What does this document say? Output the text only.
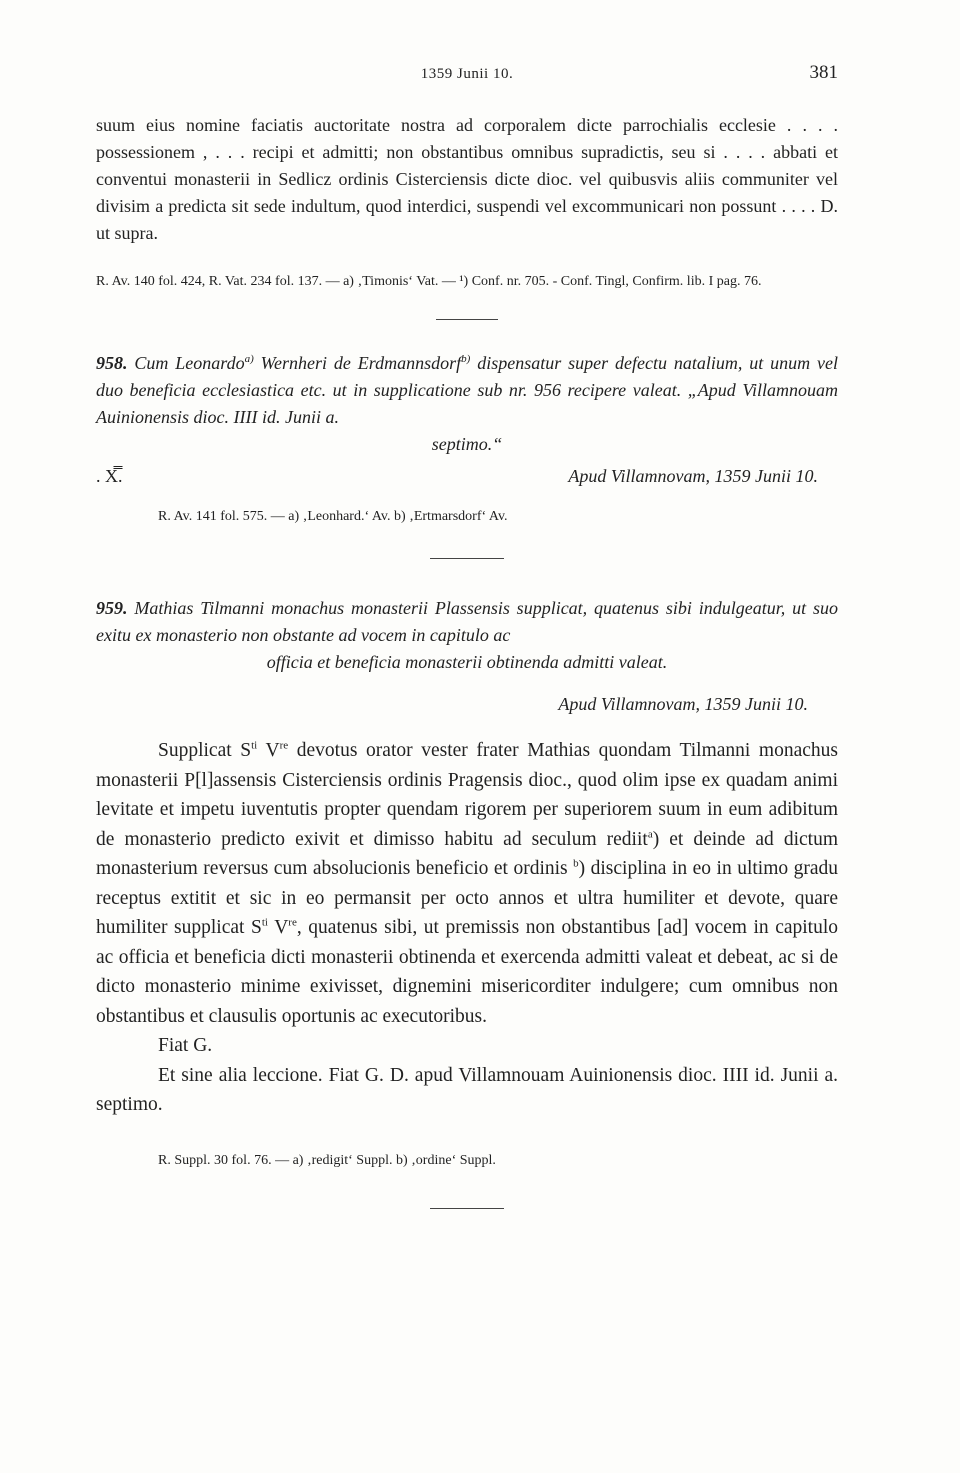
1359 Junii 10.	381

suum eius nomine faciatis auctoritate nostra ad corporalem dicte parrochialis ecclesie . . . . possessionem , . . . recipi et admitti; non obstantibus omnibus supradictis, seu si . . . . abbati et conventui monasterii in Sedlicz ordinis Cisterciensis dicte dioc. vel quibusvis aliis communiter vel divisim a predicta sit sede indultum, quod interdici, suspendi vel excommunicari non possunt . . . . D. ut supra.

R. Av. 140 fol. 424, R. Vat. 234 fol. 137. — a) ‚Timonis‘ Vat. — ¹) Conf. nr. 705. - Conf. Tingl, Confirm. lib. I pag. 76.

958. Cum Leonardo$^{a)}$ Wernheri de Erdmannsdorf$^{b)}$ dispensatur super defectu natalium, ut unum vel duo beneficia ecclesiastica etc. ut in supplicatione sub nr. 956 recipere valeat. „Apud Villamnouam Auinionensis dioc. IIII id. Junii a.

septimo.“

. X̿.	Apud Villamnovam, 1359 Junii 10.

R. Av. 141 fol. 575. — a) ‚Leonhard.‘ Av. b) ‚Ertmarsdorf‘ Av.

959. Mathias Tilmanni monachus monasterii Plassensis supplicat, quatenus sibi indulgeatur, ut suo exitu ex monasterio non obstante ad vocem in capitulo ac

officia et beneficia monasterii obtinenda admitti valeat.

Apud Villamnovam, 1359 Junii 10.

Supplicat $S^{ti}$ Vre devotus orator vester frater Mathias quondam Tilmanni monachus monasterii P[l]assensis Cisterciensis ordinis Pragensis dioc., quod olim ipse ex quadam animi levitate et impetu iuventutis propter quendam rigorem per superiorem suum in eum adibitum de monasterio predicto exivit et dimisso habitu ad seculum rediit$^a$) et deinde ad dictum monasterium reversus cum absolucionis beneficio et ordinis $^b$) disciplina in eo in ultimo gradu receptus extitit et sic in eo permansit per octo annos et ultra humiliter et devote, quare humiliter supplicat $S^{ti}$ Vre, quatenus sibi, ut premissis non obstantibus [ad] vocem in capitulo ac officia et beneficia dicti monasterii obtinenda et exercenda admitti valeat et debeat, ac si de dicto monasterio minime exivisset, dignemini misericorditer indulgere; cum omnibus non obstantibus et clausulis oportunis ac executoribus.

Fiat G.

Et sine alia leccione. Fiat G. D. apud Villamnouam Auinionensis dioc. IIII id. Junii a. septimo.

R. Suppl. 30 fol. 76. — a) ‚redigit‘ Suppl. b) ‚ordine‘ Suppl.
